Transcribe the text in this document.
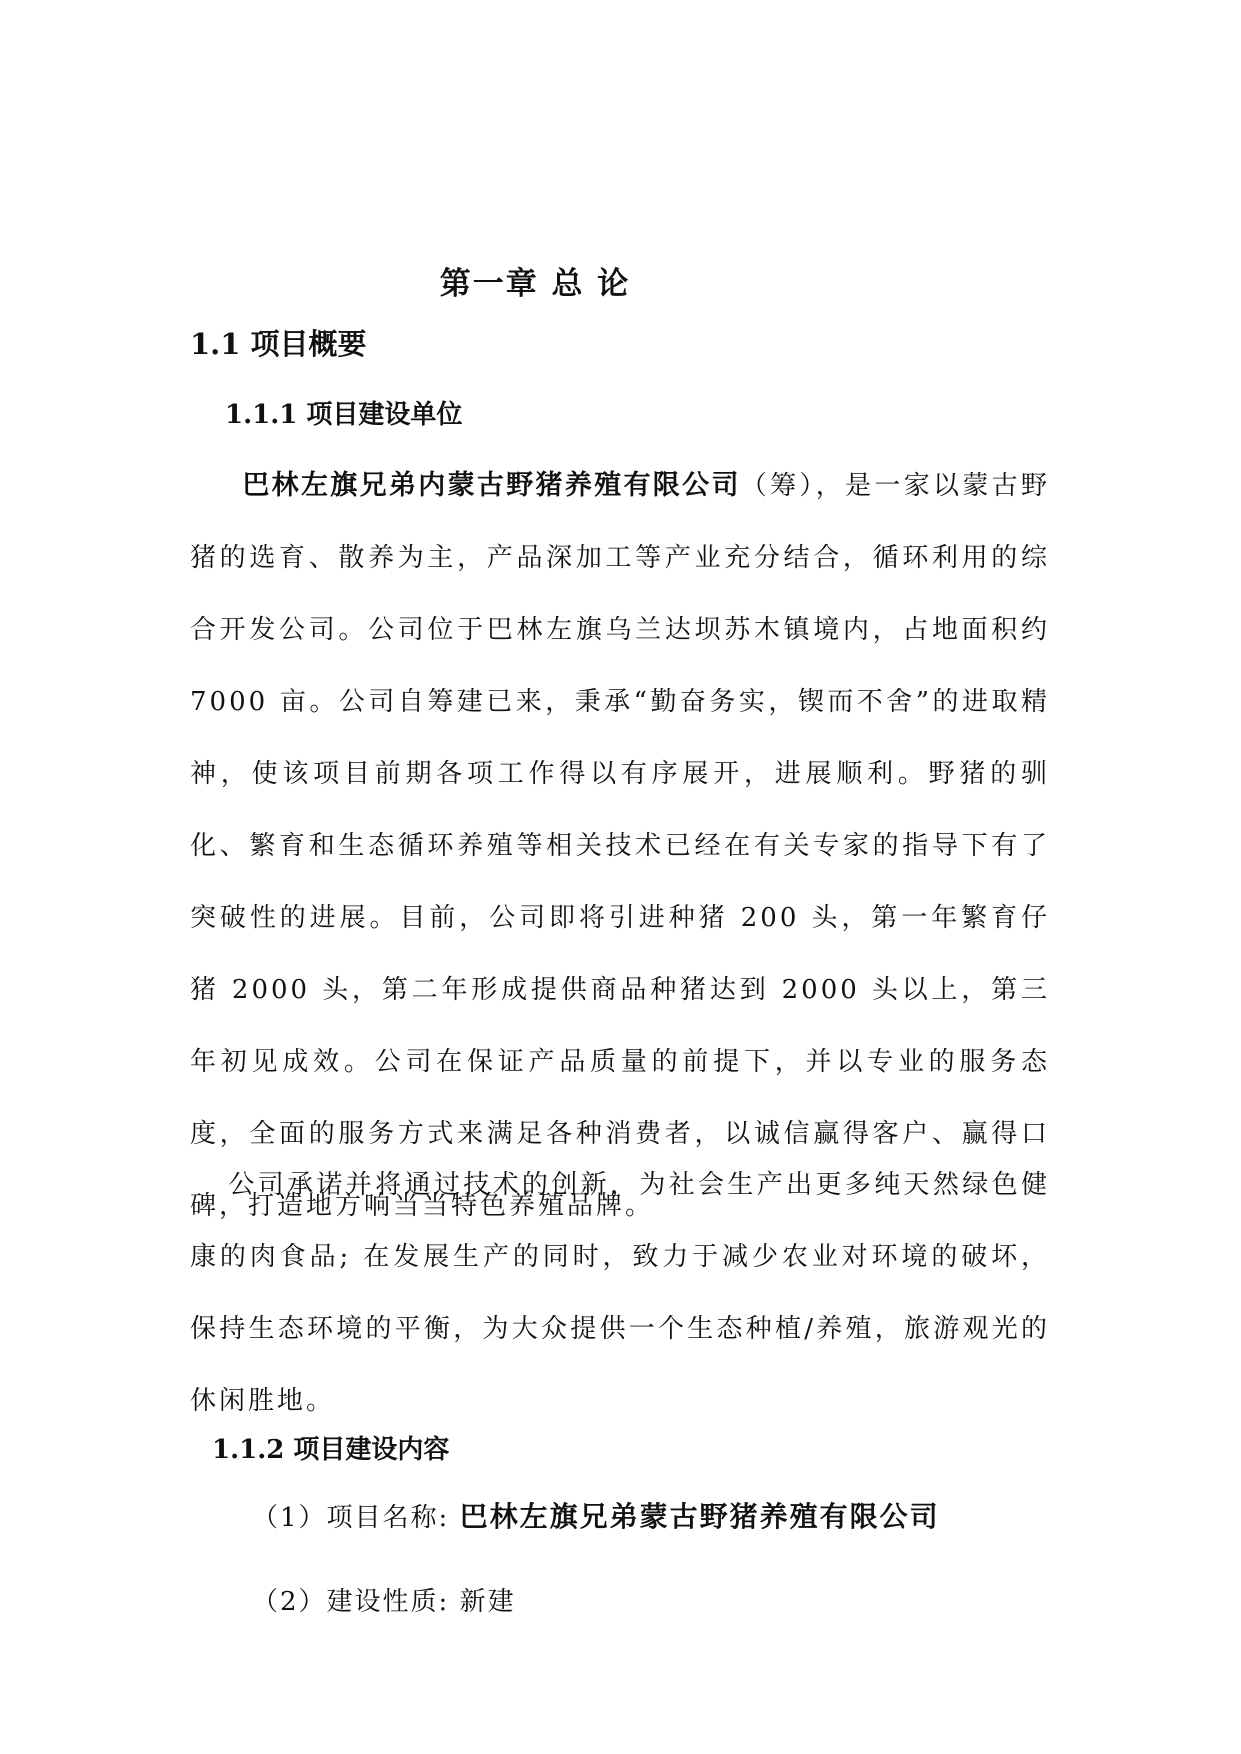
第一章 总 论
1.1 项目概要
1.1.1 项目建设单位
巴林左旗兄弟内蒙古野猪养殖有限公司（筹），是一家以蒙古野猪的选育、散养为主，产品深加工等产业充分结合，循环利用的综合开发公司。公司位于巴林左旗乌兰达坝苏木镇境内，占地面积约 7000 亩。公司自筹建已来，秉承“勤奋务实，锲而不舍”的进取精神，使该项目前期各项工作得以有序展开，进展顺利。野猪的驯化、繁育和生态循环养殖等相关技术已经在有关专家的指导下有了突破性的进展。目前，公司即将引进种猪 200 头，第一年繁育仔猪 2000 头，第二年形成提供商品种猪达到 2000 头以上，第三年初见成效。公司在保证产品质量的前提下，并以专业的服务态度，全面的服务方式来满足各种消费者，以诚信赢得客户、赢得口碑，打造地方响当当特色养殖品牌。
公司承诺并将通过技术的创新，为社会生产出更多纯天然绿色健康的肉食品; 在发展生产的同时，致力于减少农业对环境的破坏，保持生态环境的平衡，为大众提供一个生态种植/养殖，旅游观光的休闲胜地。
1.1.2 项目建设内容
（1）项目名称: 巴林左旗兄弟蒙古野猪养殖有限公司
（2）建设性质: 新建
